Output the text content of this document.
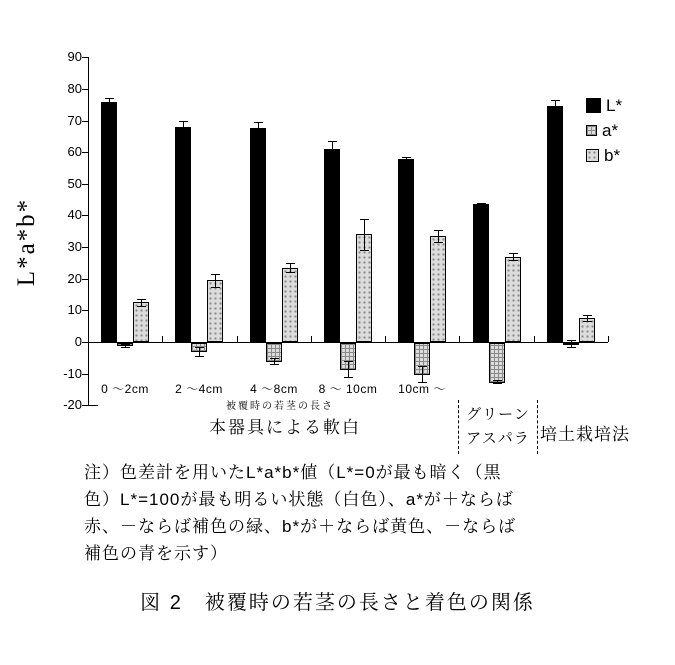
L*a*b*
-20
-10
0
10
20
30
40
50
60
70
80
90
0 ～2cm	2 ～4cm	4 ～8cm	8 ～ 10cm	10cm ～
L*
a*
b*
被覆時の若茎の長さ
本器具による軟白
グリーン
アスパラ 培土栽培法
注）色差計を用いたL*a*b*値（L*=0が最も暗く（黒
色）L*=100が最も明るい状態（白色）、a*が＋ならば
赤、－ならば補色の緑、b*が＋ならば黄色、－ならば
補色の青を示す）
図 2　被覆時の若茎の長さと着色の関係
